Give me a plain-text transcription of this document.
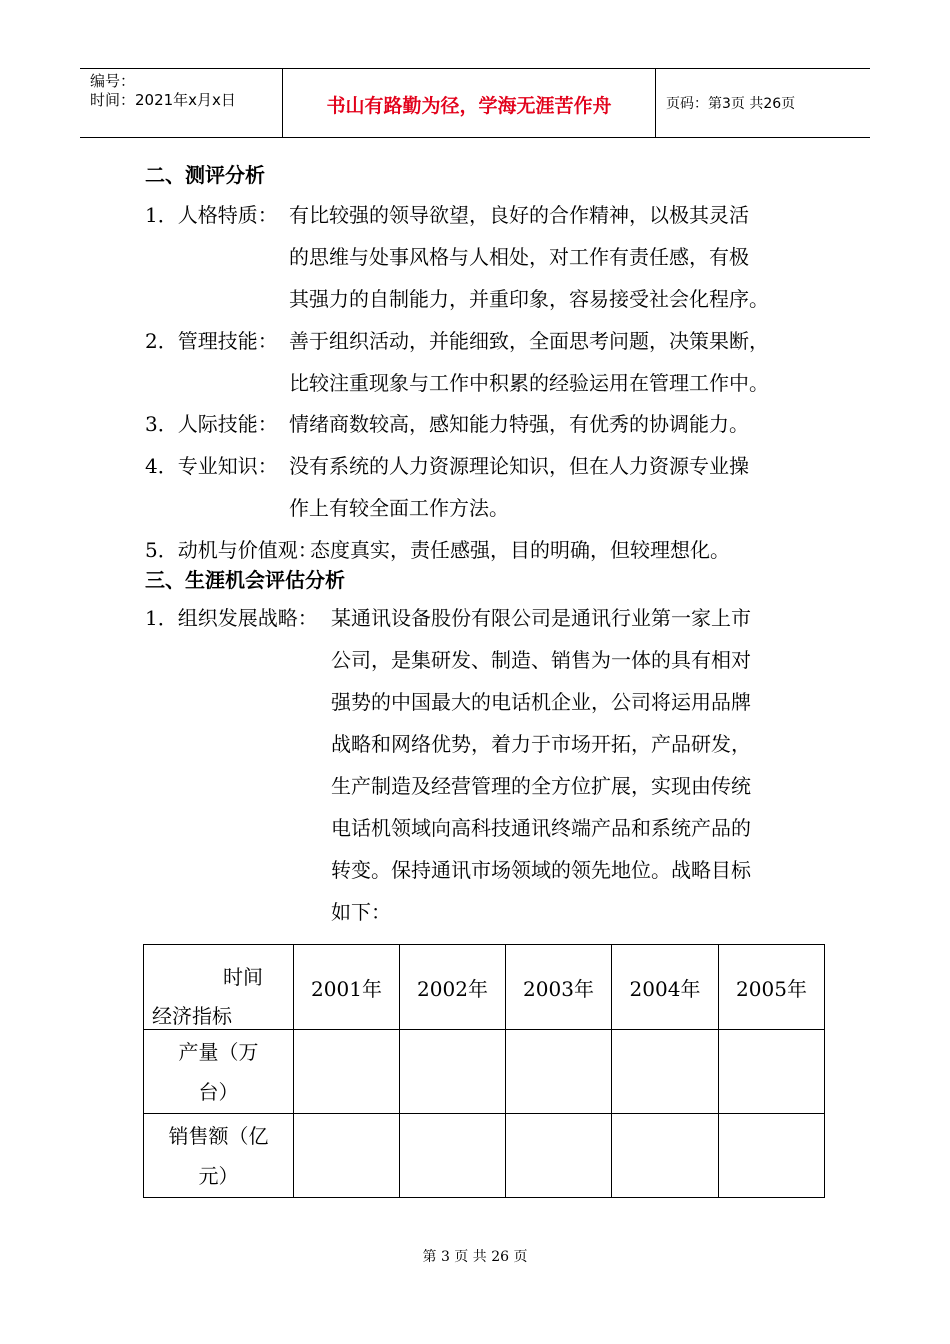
编号：
时间：2021年x月x日	书山有路勤为径，学海无涯苦作舟	页码：第3页 共26页
二、测评分析
1．人格特质： 有比较强的领导欲望，良好的合作精神，以极其灵活
的思维与处事风格与人相处，对工作有责任感，有极
其强力的自制能力，并重印象，容易接受社会化程序。
2．管理技能： 善于组织活动，并能细致，全面思考问题，决策果断，
比较注重现象与工作中积累的经验运用在管理工作中。
3．人际技能： 情绪商数较高，感知能力特强，有优秀的协调能力。
4．专业知识： 没有系统的人力资源理论知识，但在人力资源专业操
作上有较全面工作方法。
5．动机与价值观：
态度真实，责任感强，目的明确，但较理想化。
三、生涯机会评估分析
1．组织发展战略： 某通讯设备股份有限公司是通讯行业第一家上市
公司，是集研发、制造、销售为一体的具有相对
强势的中国最大的电话机企业，公司将运用品牌
战略和网络优势，着力于市场开拓，产品研发，
生产制造及经营管理的全方位扩展，实现由传统
电话机领域向高科技通讯终端产品和系统产品的
转变。保持通讯市场领域的领先地位。战略目标
如下：
时间
经济指标	2001年	2002年	2003年	2004年	2005年

产量（万
台）					

销售额（亿
元）					

第 3 页 共 26 页
